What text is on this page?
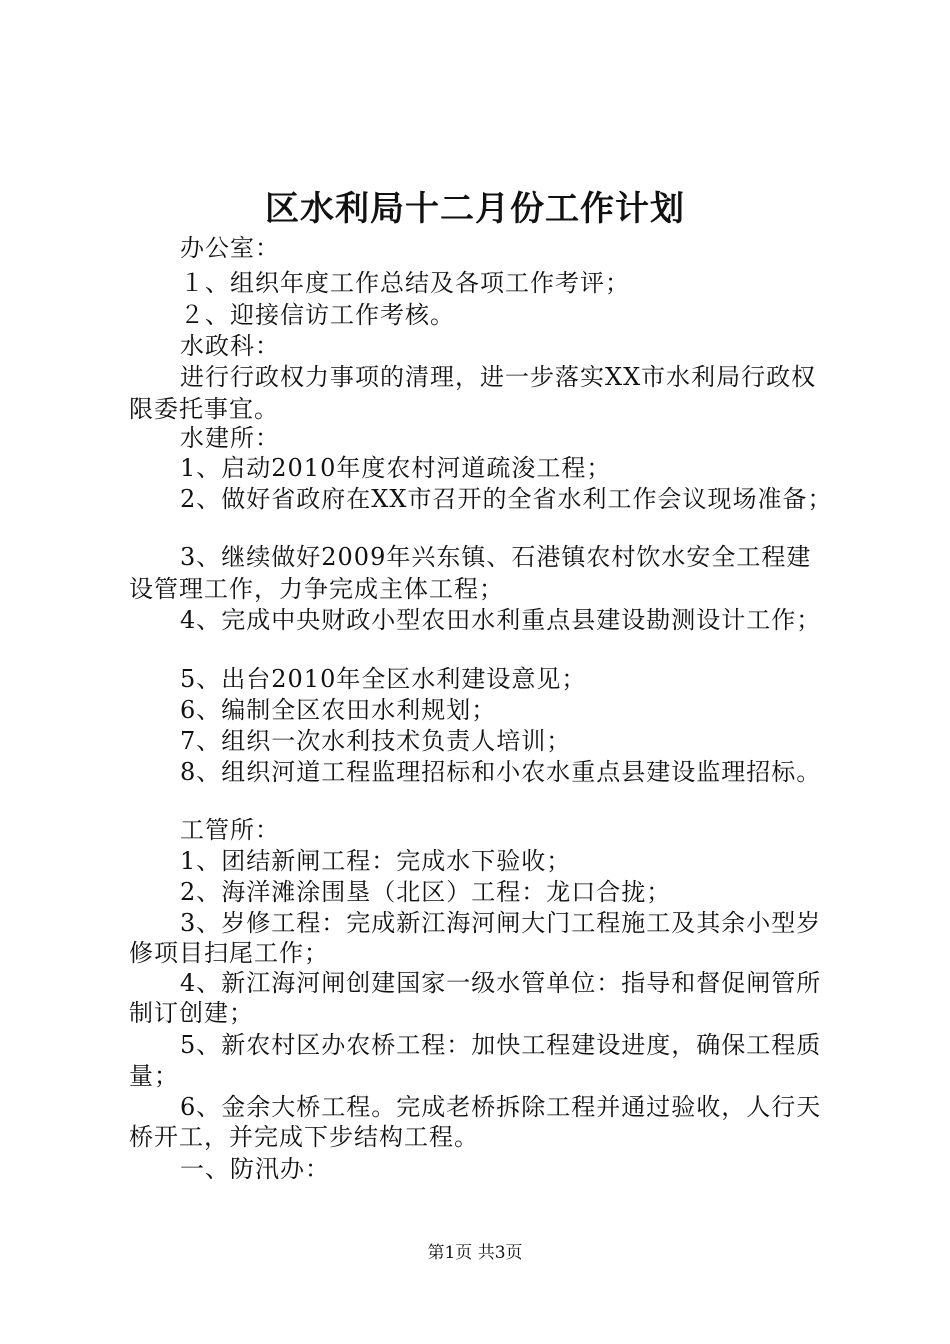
区水利局十二月份工作计划
办公室：
１、组织年度工作总结及各项工作考评；
２、迎接信访工作考核。
水政科：
进行行政权力事项的清理，进一步落实XX市水利局行政权
限委托事宜。
水建所：
1、启动2010年度农村河道疏浚工程；
2、做好省政府在XX市召开的全省水利工作会议现场准备；
3、继续做好2009年兴东镇、石港镇农村饮水安全工程建
设管理工作，力争完成主体工程；
4、完成中央财政小型农田水利重点县建设勘测设计工作；
5、出台2010年全区水利建设意见；
6、编制全区农田水利规划；
7、组织一次水利技术负责人培训；
8、组织河道工程监理招标和小农水重点县建设监理招标。
工管所：
1、团结新闸工程：完成水下验收；
2、海洋滩涂围垦（北区）工程：龙口合拢；
3、岁修工程：完成新江海河闸大门工程施工及其余小型岁
修项目扫尾工作；
4、新江海河闸创建国家一级水管单位：指导和督促闸管所
制订创建；
5、新农村区办农桥工程：加快工程建设进度，确保工程质
量；
6、金余大桥工程。完成老桥拆除工程并通过验收，人行天
桥开工，并完成下步结构工程。
一、防汛办：
第1页 共3页
